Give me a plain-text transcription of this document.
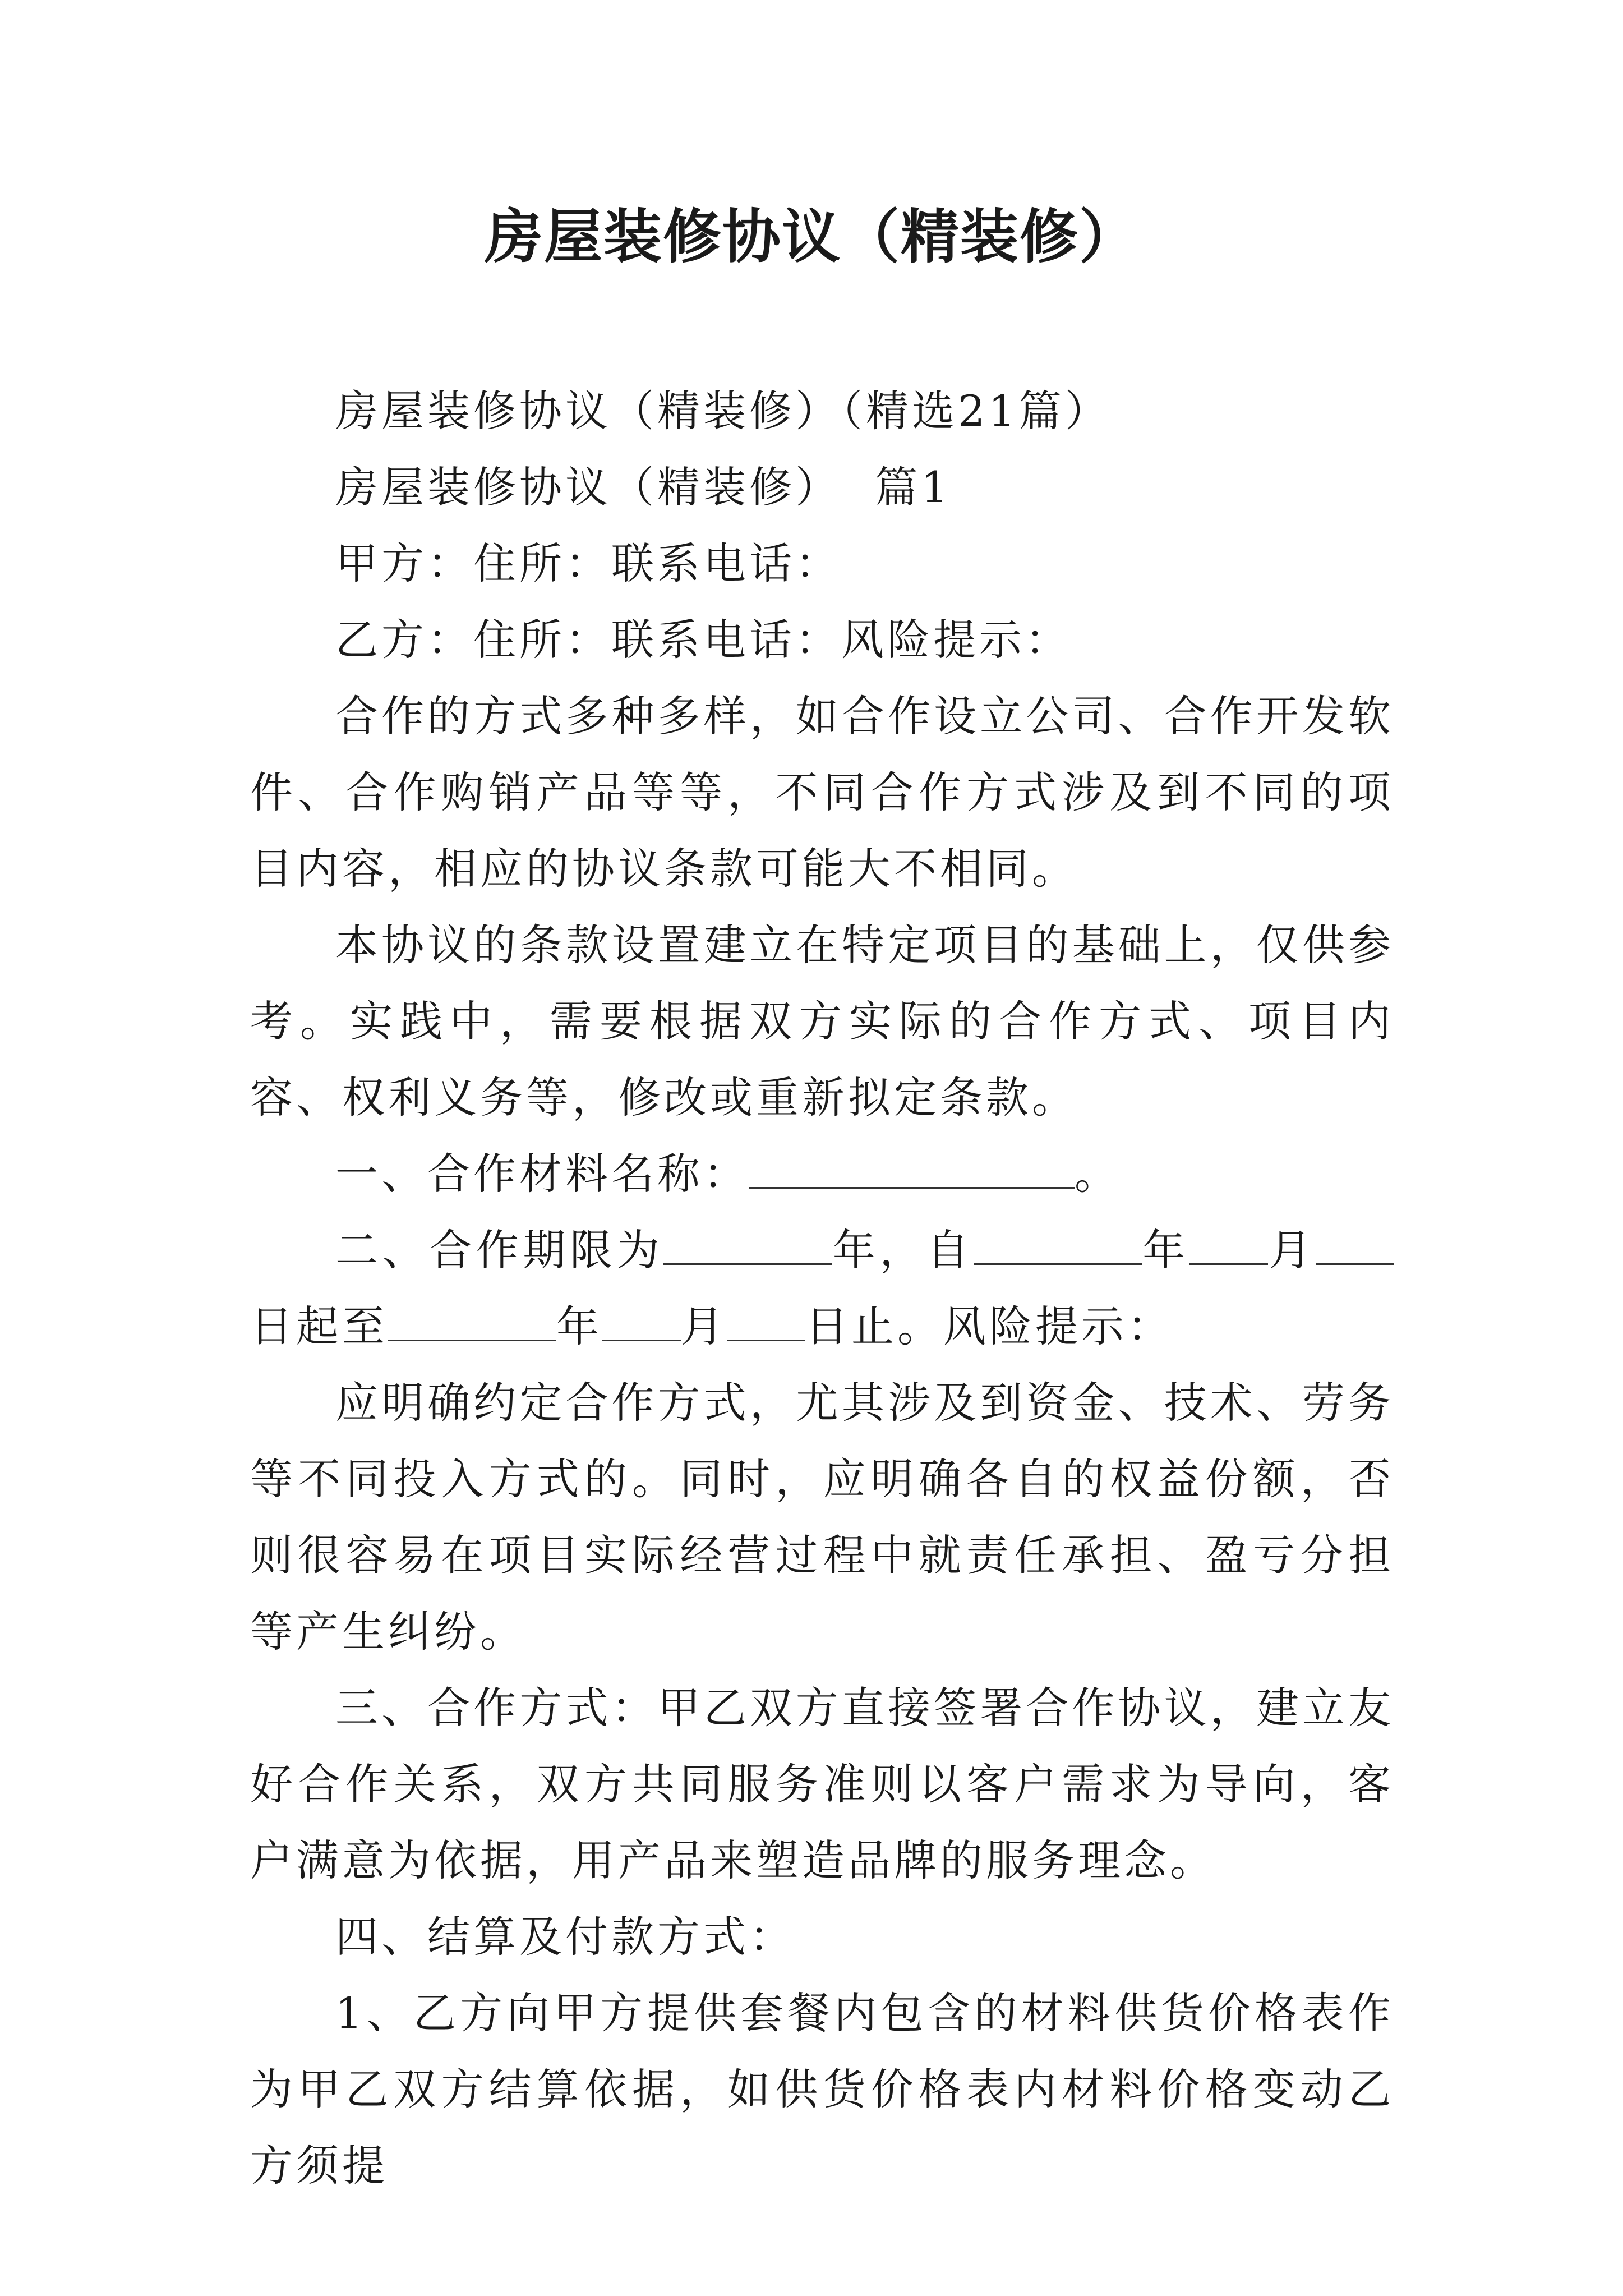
房屋装修协议（精装修）

房屋装修协议（精装修）（精选21篇）

房屋装修协议（精装修）  篇1

甲方：住所：联系电话：

乙方：住所：联系电话：风险提示：

合作的方式多种多样，如合作设立公司、合作开发软件、合作购销产品等等，不同合作方式涉及到不同的项目内容，相应的协议条款可能大不相同。

本协议的条款设置建立在特定项目的基础上，仅供参考。实践中，需要根据双方实际的合作方式、项目内容、权利义务等，修改或重新拟定条款。

一、合作材料名称：	。

二、合作期限为	年，自	年 月日起至	年 月 日止。风险提示：

应明确约定合作方式，尤其涉及到资金、技术、劳务等不同投入方式的。同时，应明确各自的权益份额，否则很容易在项目实际经营过程中就责任承担、盈亏分担等产生纠纷。

三、合作方式：甲乙双方直接签署合作协议，建立友好合作关系，双方共同服务准则以客户需求为导向，客户满意为依据，用产品来塑造品牌的服务理念。

四、结算及付款方式：

1、乙方向甲方提供套餐内包含的材料供货价格表作为甲乙双方结算依据，如供货价格表内材料价格变动乙方须提
